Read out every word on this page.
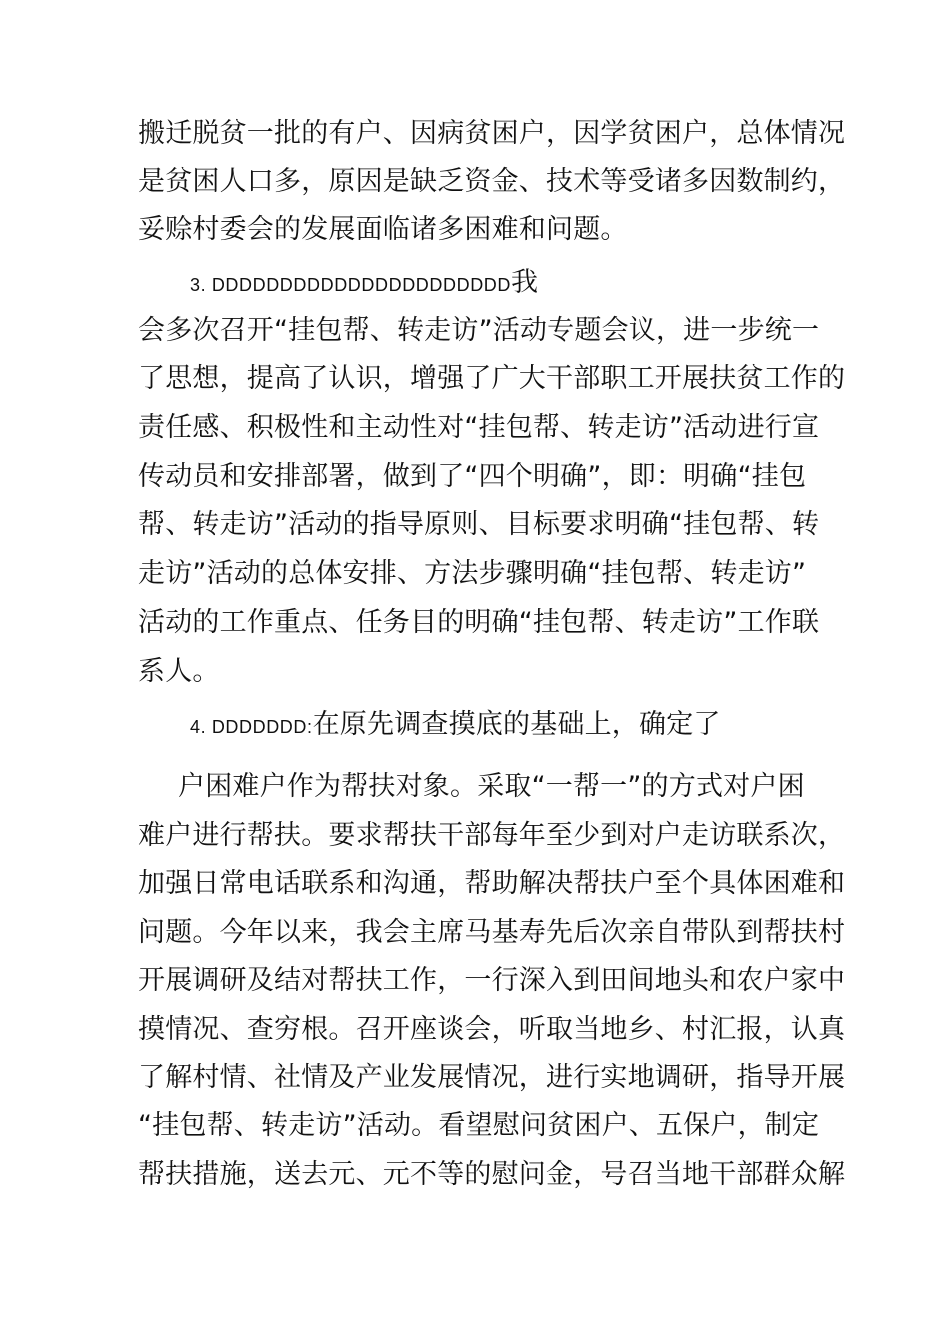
搬迁脱贫一批的有户、因病贫困户，因学贫困户，总体情况
是贫困人口多，原因是缺乏资金、技术等受诸多因数制约，
妥赊村委会的发展面临诸多困难和问题。
3. DDDDDDDDDDDDDDDDDDDDDD我
会多次召开“挂包帮、转走访”活动专题会议，进一步统一
了思想，提高了认识，增强了广大干部职工开展扶贫工作的
责任感、积极性和主动性对“挂包帮、转走访”活动进行宣
传动员和安排部署，做到了“四个明确”，即：明确“挂包
帮、转走访”活动的指导原则、目标要求明确“挂包帮、转
走访”活动的总体安排、方法步骤明确“挂包帮、转走访”
活动的工作重点、任务目的明确“挂包帮、转走访”工作联
系人。
4. DDDDDDD:在原先调查摸底的基础上，确定了
户困难户作为帮扶对象。采取“一帮一”的方式对户困
难户进行帮扶。要求帮扶干部每年至少到对户走访联系次，
加强日常电话联系和沟通，帮助解决帮扶户至个具体困难和
问题。今年以来，我会主席马基寿先后次亲自带队到帮扶村
开展调研及结对帮扶工作，一行深入到田间地头和农户家中
摸情况、查穷根。召开座谈会，听取当地乡、村汇报，认真
了解村情、社情及产业发展情况，进行实地调研，指导开展
“挂包帮、转走访”活动。看望慰问贫困户、五保户，制定
帮扶措施，送去元、元不等的慰问金，号召当地干部群众解
